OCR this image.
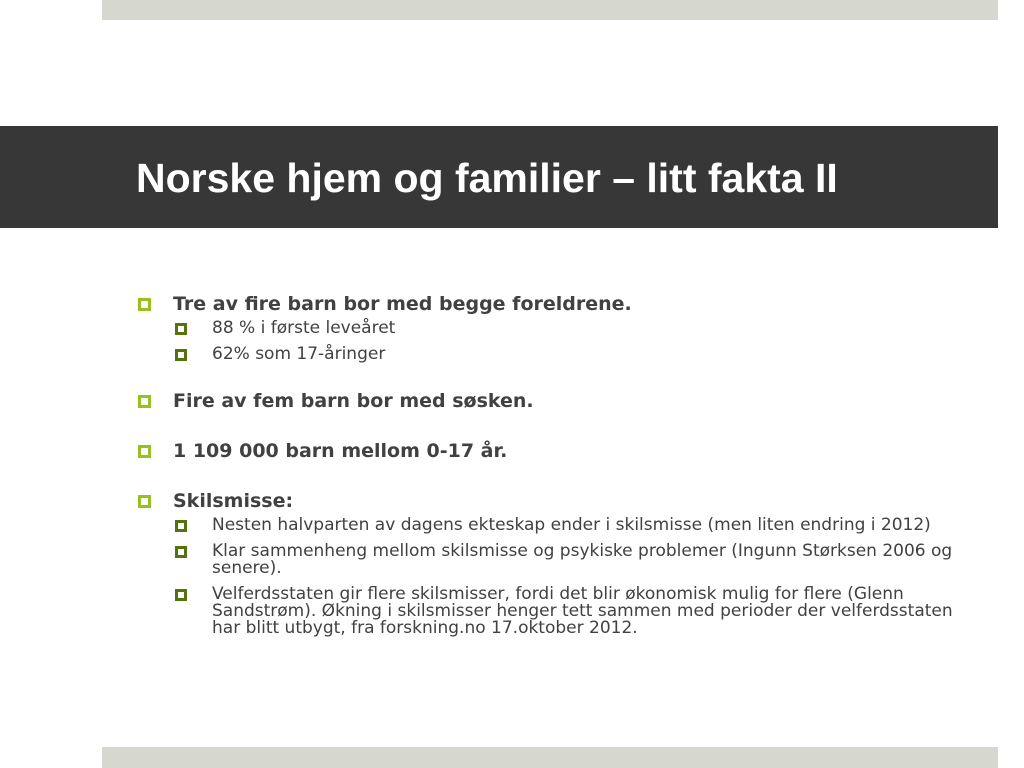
Norske hjem og familier – litt fakta II
Tre av fire barn bor med begge foreldrene.
88 % i første leveåret
62% som 17-åringer
Fire av fem barn bor med søsken.
1 109 000 barn mellom 0-17 år.
Skilsmisse:
Nesten halvparten av dagens ekteskap ender i skilsmisse (men liten endring i 2012)
Klar sammenheng mellom skilsmisse og psykiske problemer (Ingunn Størksen 2006 og senere).
Velferdsstaten gir flere skilsmisser, fordi det blir økonomisk mulig for flere (Glenn Sandstrøm). Økning i skilsmisser henger tett sammen med perioder der velferdsstaten har blitt utbygt, fra forskning.no 17.oktober 2012.
